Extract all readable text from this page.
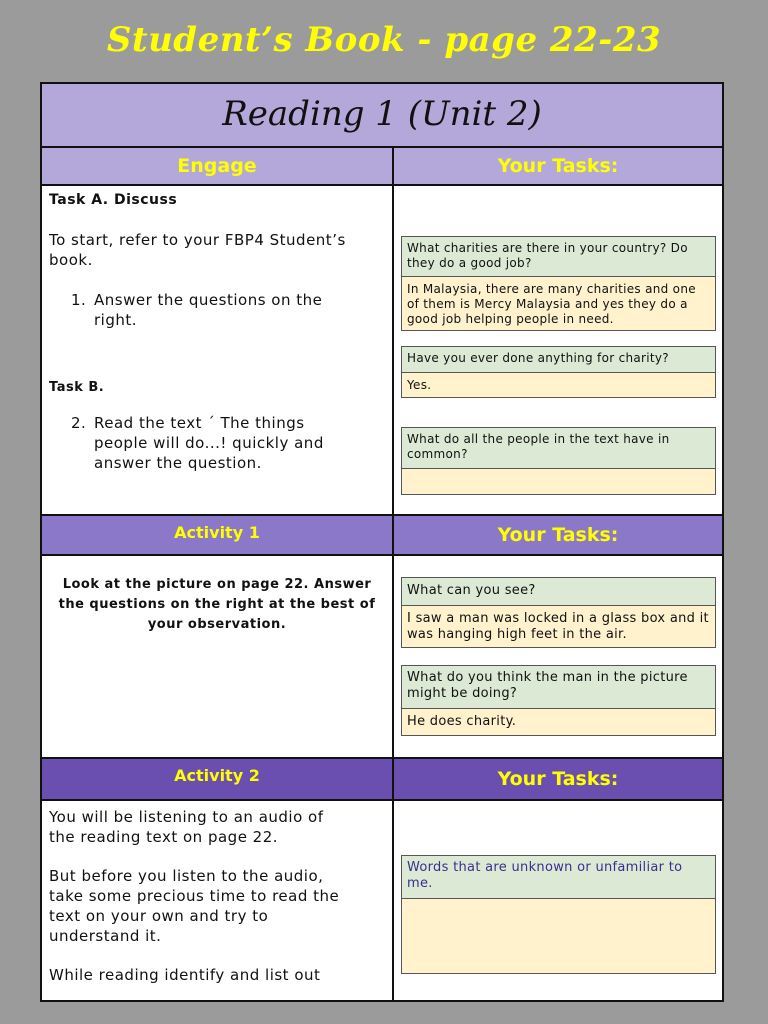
Student’s Book - page 22-23
Reading 1 (Unit 2)
Engage	Your Tasks:
Task A. Discuss
To start, refer to your FBP4 Student’s
book.
1. Answer the questions on the
right.
Task B.
2. Read the text ´ The things
people will do...! quickly and
answer the question.
What charities are there in your country? Do they do a good job?
In Malaysia, there are many charities and one of them is Mercy Malaysia and yes they do a good job helping people in need.
Have you ever done anything for charity?
Yes.
What do all the people in the text have in common?
Activity 1	Your Tasks:
Look at the picture on page 22. Answer
the questions on the right at the best of
your observation.
What can you see?
I saw a man was locked in a glass box and it was hanging high feet in the air.
What do you think the man in the picture might be doing?
He does charity.
Activity 2	Your Tasks:
You will be listening to an audio of
the reading text on page 22.
But before you listen to the audio,
take some precious time to read the
text on your own and try to
understand it.
While reading identify and list out
Words that are unknown or unfamiliar to me.
